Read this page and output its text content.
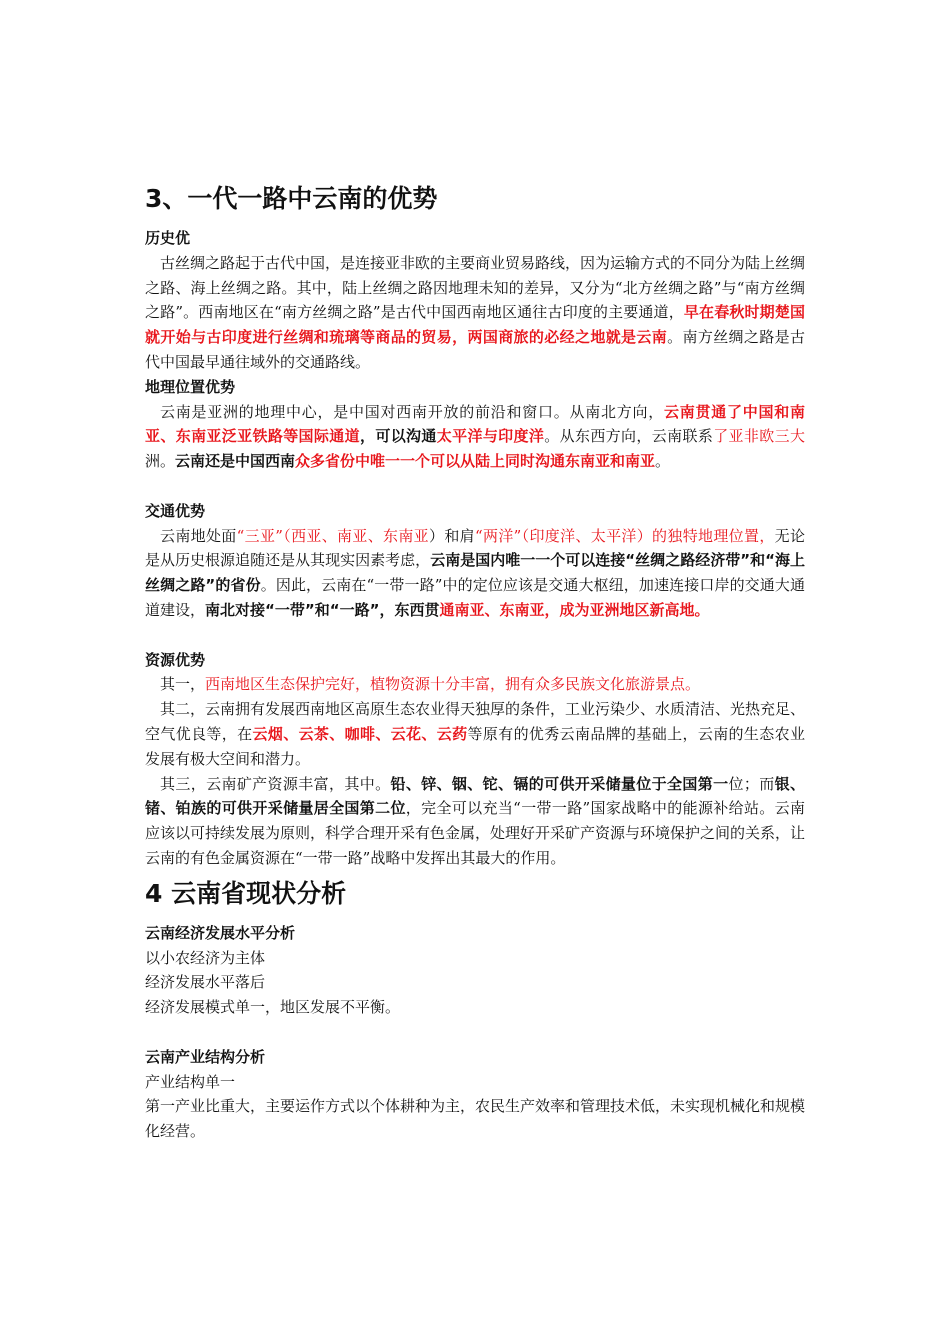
3、一代一路中云南的优势
历史优

古丝绸之路起于古代中国，是连接亚非欧的主要商业贸易路线，因为运输方式的不同分为陆上丝绸之路、海上丝绸之路。其中，陆上丝绸之路因地理未知的差异，又分为“北方丝绸之路”与“南方丝绸之路”。西南地区在“南方丝绸之路”是古代中国西南地区通往古印度的主要通道，早在春秋时期楚国就开始与古印度进行丝绸和琉璃等商品的贸易，两国商旅的必经之地就是云南。南方丝绸之路是古代中国最早通往域外的交通路线。

地理位置优势

云南是亚洲的地理中心，是中国对西南开放的前沿和窗口。从南北方向，云南贯通了中国和南亚、东南亚泛亚铁路等国际通道，可以沟通太平洋与印度洋。从东西方向，云南联系了亚非欧三大洲。云南还是中国西南众多省份中唯一一个可以从陆上同时沟通东南亚和南亚。

交通优势

云南地处面“三亚”（西亚、南亚、东南亚）和肩“两洋”（印度洋、太平洋）的独特地理位置，无论是从历史根源追随还是从其现实因素考虑，云南是国内唯一一个可以连接“丝绸之路经济带”和“海上丝绸之路”的省份。因此，云南在“一带一路”中的定位应该是交通大枢纽，加速连接口岸的交通大通道建设，南北对接“一带”和“一路”，东西贯通南亚、东南亚，成为亚洲地区新高地。

资源优势

其一，西南地区生态保护完好，植物资源十分丰富，拥有众多民族文化旅游景点。

其二，云南拥有发展西南地区高原生态农业得天独厚的条件，工业污染少、水质清洁、光热充足、空气优良等，在云烟、云茶、咖啡、云花、云药等原有的优秀云南品牌的基础上，云南的生态农业发展有极大空间和潜力。

其三，云南矿产资源丰富，其中。铅、锌、铟、铊、镉的可供开采储量位于全国第一位；而银、锗、铂族的可供开采储量居全国第二位，完全可以充当“一带一路”国家战略中的能源补给站。云南应该以可持续发展为原则，科学合理开采有色金属，处理好开采矿产资源与环境保护之间的关系，让云南的有色金属资源在“一带一路”战略中发挥出其最大的作用。

4 云南省现状分析
云南经济发展水平分析

以小农经济为主体

经济发展水平落后

经济发展模式单一，地区发展不平衡。

云南产业结构分析

产业结构单一

第一产业比重大，主要运作方式以个体耕种为主，农民生产效率和管理技术低，未实现机械化和规模化经营。
